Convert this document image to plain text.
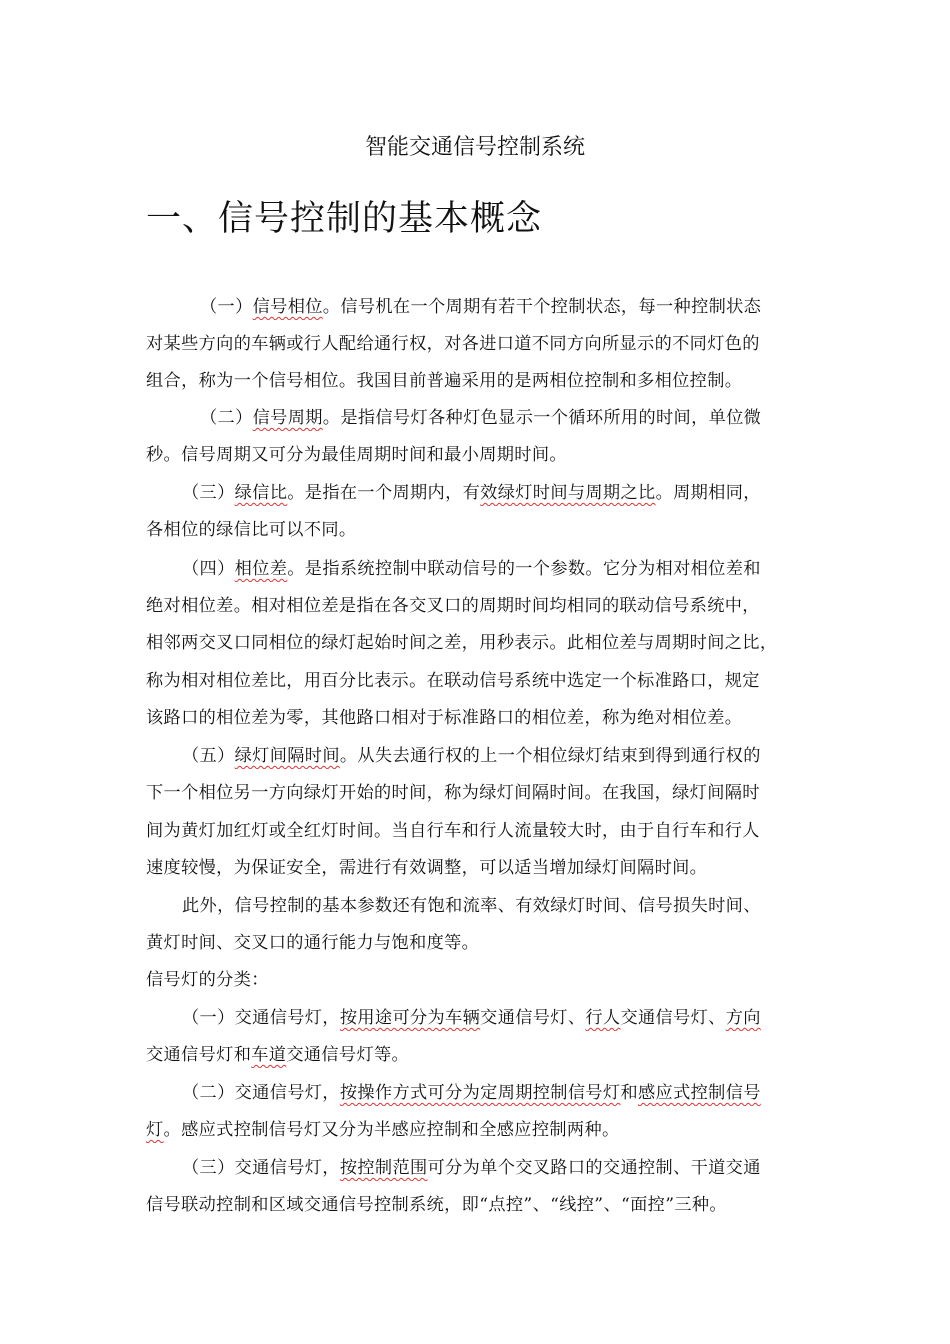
智能交通信号控制系统
一、信号控制的基本概念
（一）信号相位。信号机在一个周期有若干个控制状态，每一种控制状态
对某些方向的车辆或行人配给通行权，对各进口道不同方向所显示的不同灯色的
组合，称为一个信号相位。我国目前普遍采用的是两相位控制和多相位控制。
（二）信号周期。是指信号灯各种灯色显示一个循环所用的时间，单位微
秒。信号周期又可分为最佳周期时间和最小周期时间。
（三）绿信比。是指在一个周期内，有效绿灯时间与周期之比。周期相同，
各相位的绿信比可以不同。
（四）相位差。是指系统控制中联动信号的一个参数。它分为相对相位差和
绝对相位差。相对相位差是指在各交叉口的周期时间均相同的联动信号系统中，
相邻两交叉口同相位的绿灯起始时间之差，用秒表示。此相位差与周期时间之比，
称为相对相位差比，用百分比表示。在联动信号系统中选定一个标准路口，规定
该路口的相位差为零，其他路口相对于标准路口的相位差，称为绝对相位差。
（五）绿灯间隔时间。从失去通行权的上一个相位绿灯结束到得到通行权的
下一个相位另一方向绿灯开始的时间，称为绿灯间隔时间。在我国，绿灯间隔时
间为黄灯加红灯或全红灯时间。当自行车和行人流量较大时，由于自行车和行人
速度较慢，为保证安全，需进行有效调整，可以适当增加绿灯间隔时间。
此外，信号控制的基本参数还有饱和流率、有效绿灯时间、信号损失时间、
黄灯时间、交叉口的通行能力与饱和度等。
信号灯的分类：
（一）交通信号灯，按用途可分为车辆交通信号灯、行人交通信号灯、方向
交通信号灯和车道交通信号灯等。
（二）交通信号灯，按操作方式可分为定周期控制信号灯和感应式控制信号
灯。感应式控制信号灯又分为半感应控制和全感应控制两种。
（三）交通信号灯，按控制范围可分为单个交叉路口的交通控制、干道交通
信号联动控制和区域交通信号控制系统，即“点控”、“线控”、“面控”三种。
